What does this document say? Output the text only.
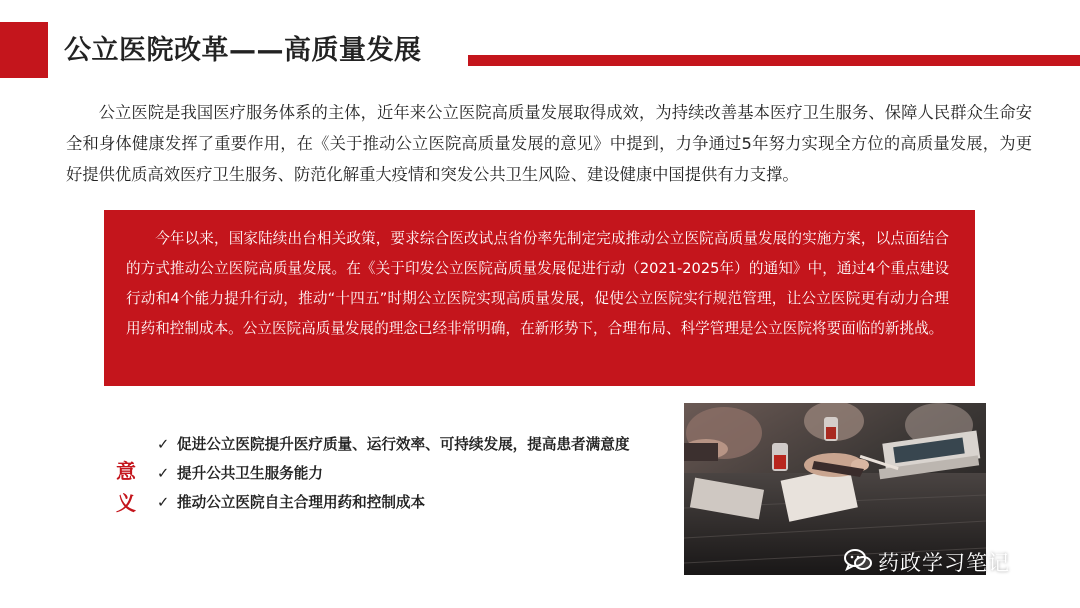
公立医院改革——高质量发展

公立医院是我国医疗服务体系的主体，近年来公立医院高质量发展取得成效，为持续改善基本医疗卫生服务、保障人民群众生命安全和身体健康发挥了重要作用，在《关于推动公立医院高质量发展的意见》中提到，力争通过5年努力实现全方位的高质量发展，为更好提供优质高效医疗卫生服务、防范化解重大疫情和突发公共卫生风险、建设健康中国提供有力支撑。

今年以来，国家陆续出台相关政策，要求综合医改试点省份率先制定完成推动公立医院高质量发展的实施方案，以点面结合的方式推动公立医院高质量发展。在《关于印发公立医院高质量发展促进行动（2021-2025年）的通知》中，通过4个重点建设行动和4个能力提升行动，推动“十四五”时期公立医院实现高质量发展，促使公立医院实行规范管理，让公立医院更有动力合理用药和控制成本。公立医院高质量发展的理念已经非常明确，在新形势下，合理布局、科学管理是公立医院将要面临的新挑战。

意
义
✓ 促进公立医院提升医疗质量、运行效率、可持续发展，提高患者满意度
✓ 提升公共卫生服务能力
✓ 推动公立医院自主合理用药和控制成本
药政学习笔记
